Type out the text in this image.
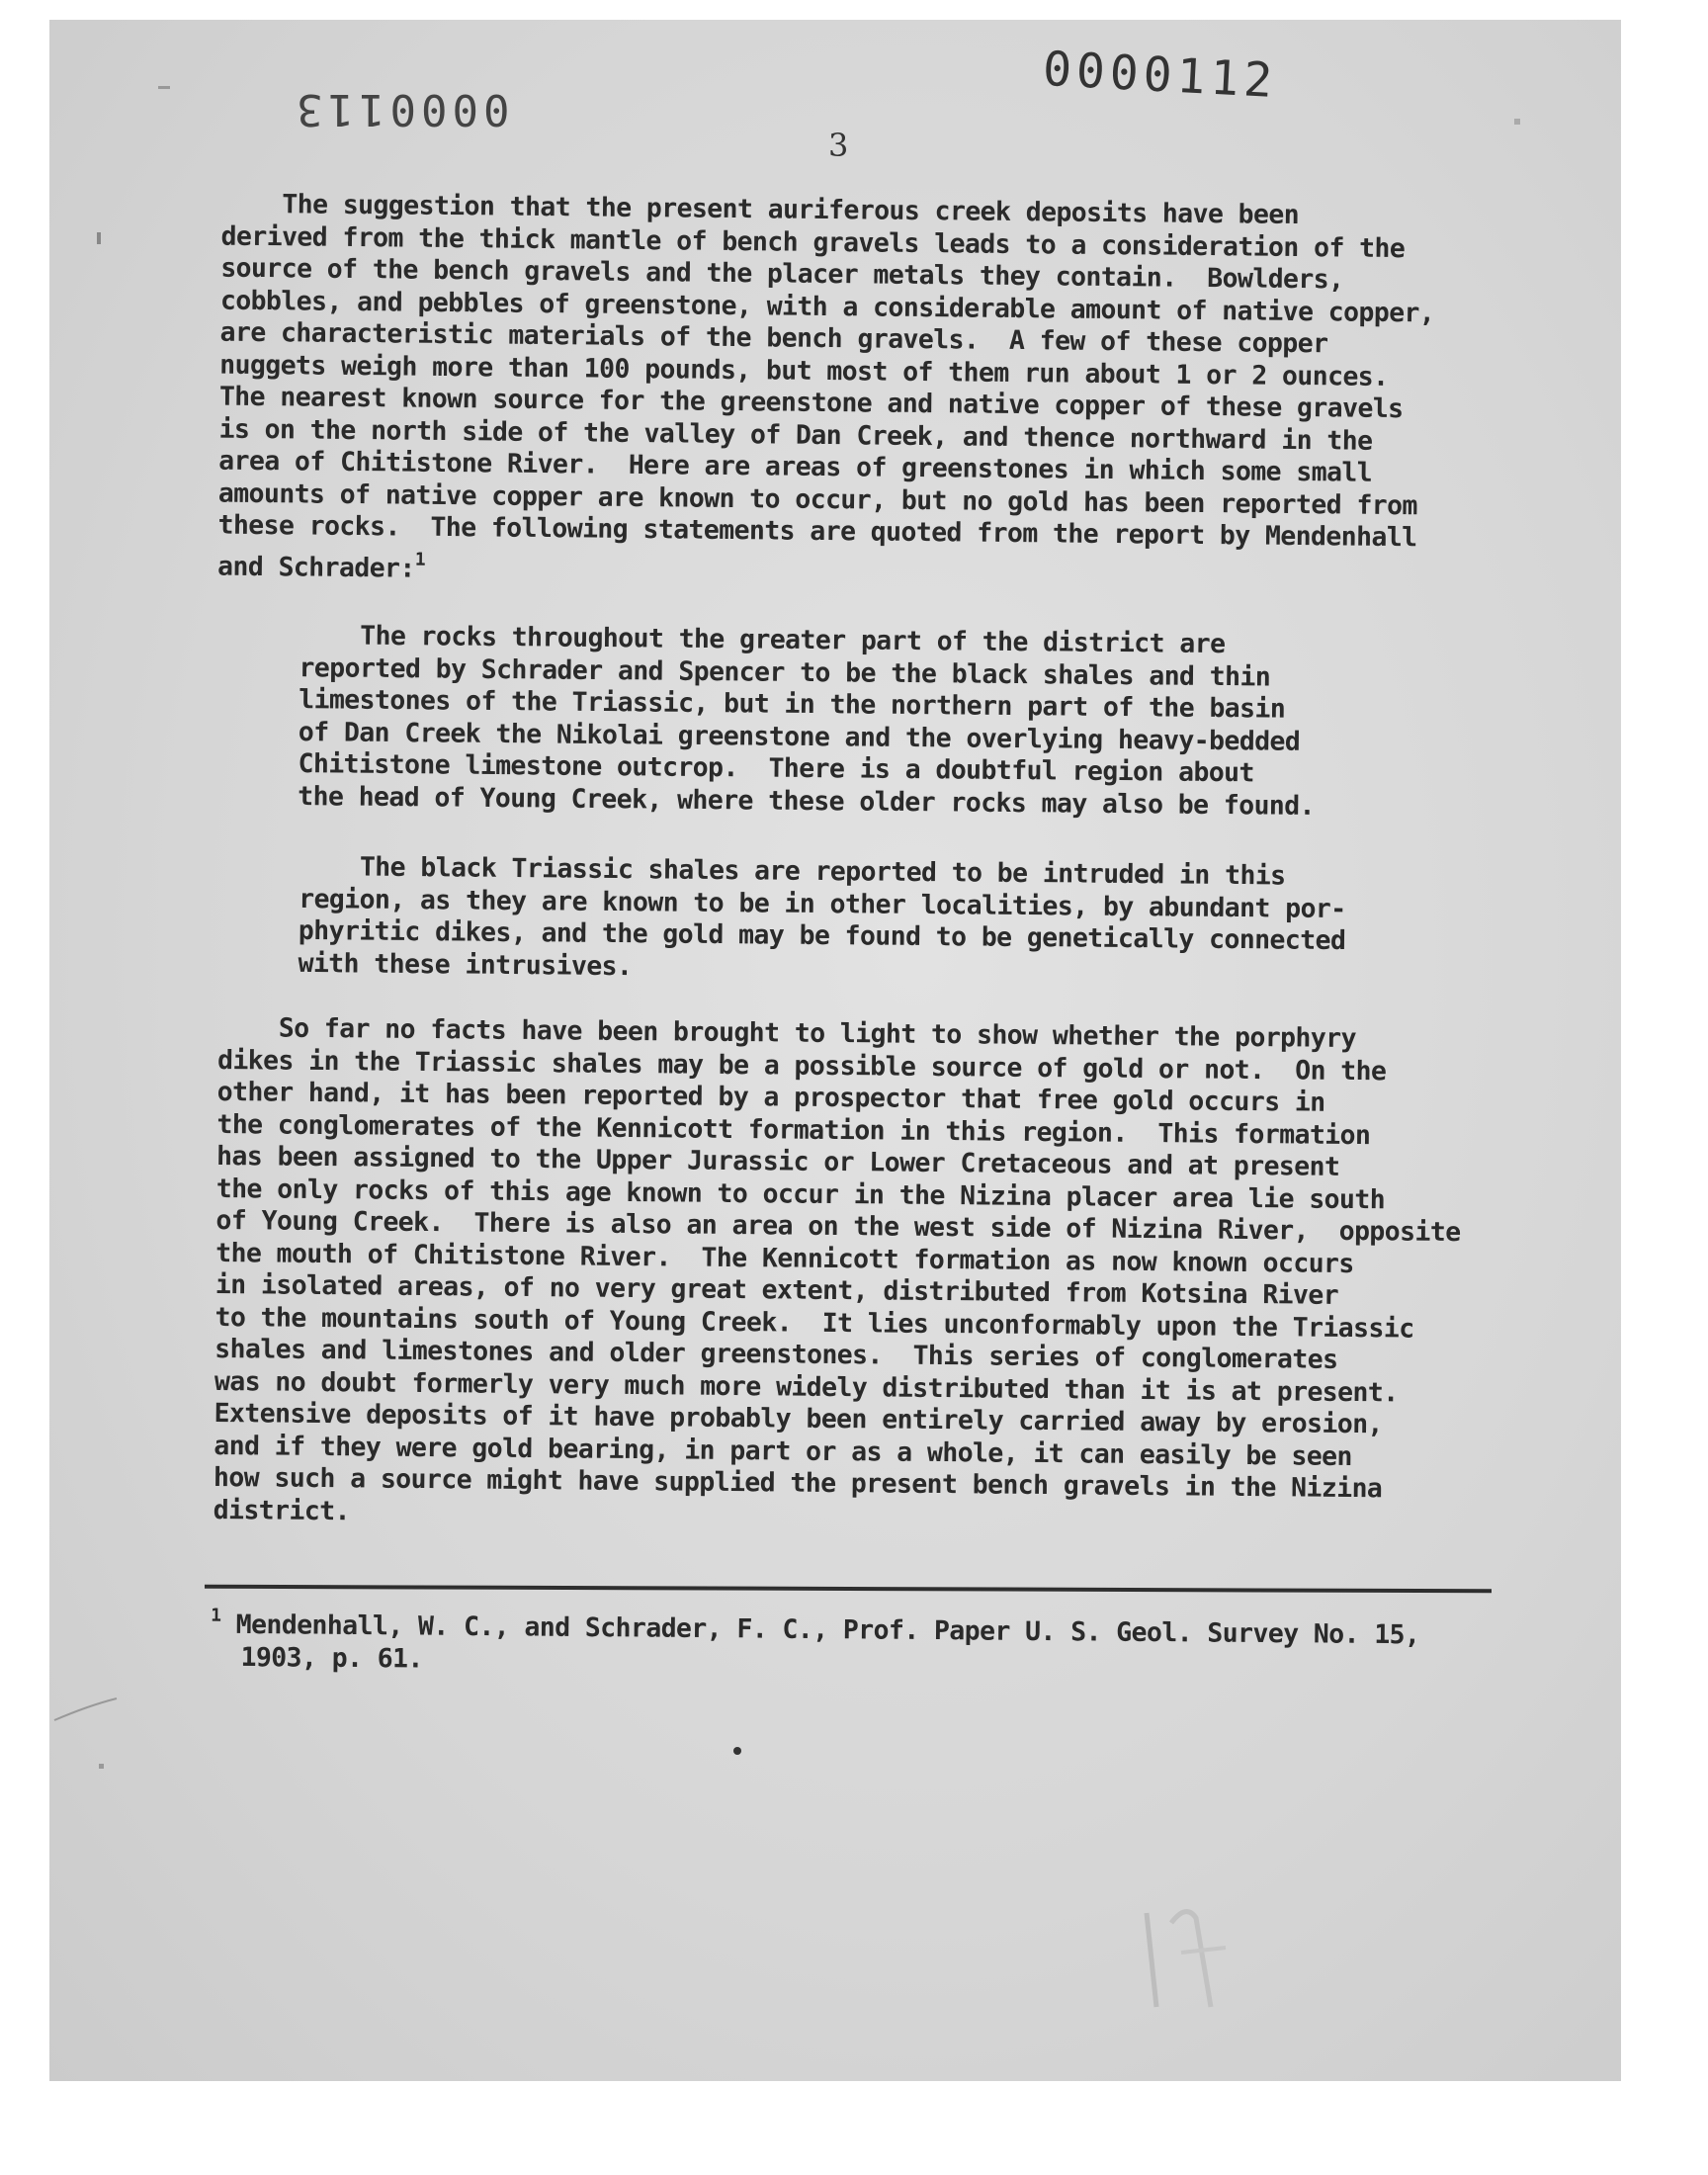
0000112
0000113
3

The suggestion that the present auriferous creek deposits have been
derived from the thick mantle of bench gravels leads to a consideration of the
source of the bench gravels and the placer metals they contain.  Bowlders,
cobbles, and pebbles of greenstone, with a considerable amount of native copper,
are characteristic materials of the bench gravels.  A few of these copper
nuggets weigh more than 100 pounds, but most of them run about 1 or 2 ounces.
The nearest known source for the greenstone and native copper of these gravels
is on the north side of the valley of Dan Creek, and thence northward in the
area of Chitistone River.  Here are areas of greenstones in which some small
amounts of native copper are known to occur, but no gold has been reported from
these rocks.  The following statements are quoted from the report by Mendenhall
and Schrader:$^1$

The rocks throughout the greater part of the district are
reported by Schrader and Spencer to be the black shales and thin
limestones of the Triassic, but in the northern part of the basin
of Dan Creek the Nikolai greenstone and the overlying heavy-bedded
Chitistone limestone outcrop.  There is a doubtful region about
the head of Young Creek, where these older rocks may also be found.

The black Triassic shales are reported to be intruded in this
region, as they are known to be in other localities, by abundant por-
phyritic dikes, and the gold may be found to be genetically connected
with these intrusives.

So far no facts have been brought to light to show whether the porphyry
dikes in the Triassic shales may be a possible source of gold or not.  On the
other hand, it has been reported by a prospector that free gold occurs in
the conglomerates of the Kennicott formation in this region.  This formation
has been assigned to the Upper Jurassic or Lower Cretaceous and at present
the only rocks of this age known to occur in the Nizina placer area lie south
of Young Creek.  There is also an area on the west side of Nizina River,  opposite
the mouth of Chitistone River.  The Kennicott formation as now known occurs
in isolated areas, of no very great extent, distributed from Kotsina River
to the mountains south of Young Creek.  It lies unconformably upon the Triassic
shales and limestones and older greenstones.  This series of conglomerates
was no doubt formerly very much more widely distributed than it is at present.
Extensive deposits of it have probably been entirely carried away by erosion,
and if they were gold bearing, in part or as a whole, it can easily be seen
how such a source might have supplied the present bench gravels in the Nizina
district.

$^1$ Mendenhall, W. C., and Schrader, F. C., Prof. Paper U. S. Geol. Survey No. 15,
1903, p. 61.
